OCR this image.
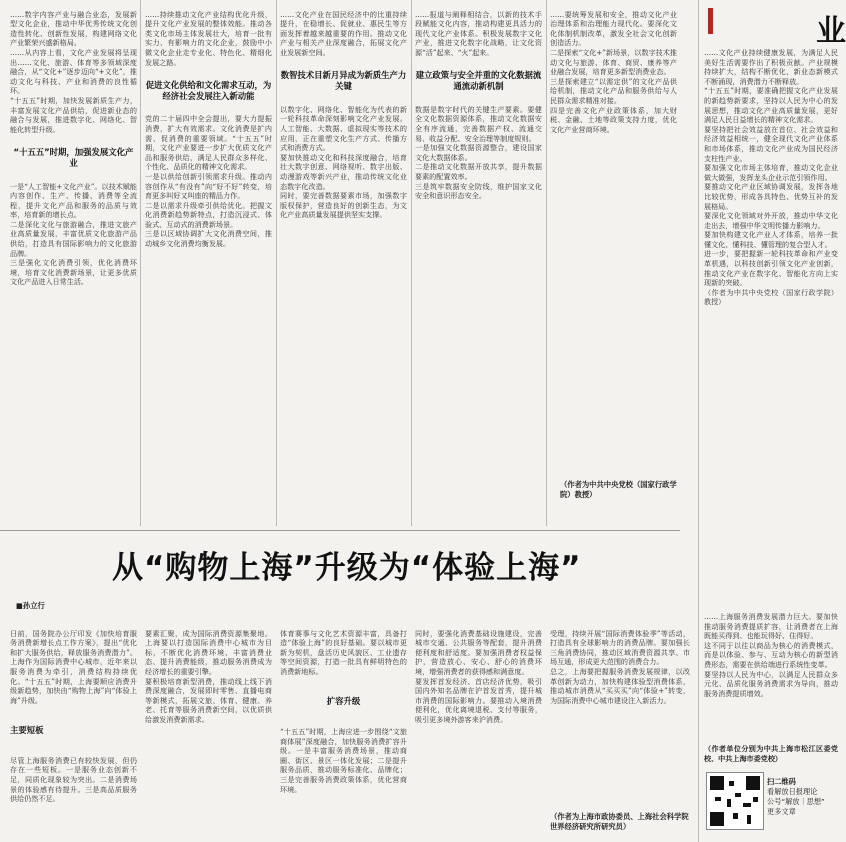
……数字内容产业与融合业态，发展新型文化企业，推动中华优秀传统文化创造性转化、创新性发展，构建网络文化产业繁荣兴盛新格局。
……从内容上看，文化产业发展将呈现出……文化、旅游、体育等多领域深度融合，从“文化+”逐步迈向“+文化”，推动文化与科技、产业和消费的良性循环。
“十五五”时期，加快发展新质生产力，丰富发展文化产品供给，促进新业态的融合与发展，推进数字化、网络化、智能化转型升级。

“十五五”时期，加强发展文化产业

一是“人工智能+文化产业”。以技术赋能内容创作、生产、传播、消费等全流程，提升文化产品和服务的品质与效率，培育新的增长点。
二是深化文化与旅游融合，推进文旅产业高质量发展，丰富优质文化旅游产品供给，打造具有国际影响力的文化旅游品牌。
三是强化文化消费引领，优化消费环境，培育文化消费新场景，让更多优质文化产品进入日常生活。

……持续推动文化产业结构优化升级，提升文化产业发展的整体效能。推动各类文化市场主体发展壮大，培育一批有实力、有影响力的文化企业，鼓励中小微文化企业走专业化、特色化、精细化发展之路。

促进文化供给和文化需求互动，为经济社会发展注入新动能

党的二十届四中全会提出，要大力提振消费，扩大有效需求。文化消费是扩内需、促消费的重要领域。“十五五”时期，文化产业要进一步扩大优质文化产品和服务供给，满足人民群众多样化、个性化、品质化的精神文化需求。
一是以供给创新引领需求升级。推动内容创作从“有没有”向“好不好”转变，培育更多叫好又叫座的精品力作。
二是以需求升级牵引供给优化。把握文化消费新趋势新特点，打造沉浸式、体验式、互动式的消费新场景。
三是以区域协调扩大文化消费空间，推动城乡文化消费均衡发展。

……文化产业在国民经济中的比重持续提升，在稳增长、促就业、惠民生等方面发挥着越来越重要的作用。推动文化产业与相关产业深度融合，拓展文化产业发展新空间。

数智技术目新月异成为新质生产力关键

以数字化、网络化、智能化为代表的新一轮科技革命深刻影响文化产业发展。人工智能、大数据、虚拟现实等技术的应用，正在重塑文化生产方式、传播方式和消费方式。
要加快推动文化和科技深度融合，培育壮大数字创意、网络视听、数字出版、动漫游戏等新兴产业，推动传统文化业态数字化改造。
同时，要完善数据要素市场，加强数字版权保护，营造良好的创新生态，为文化产业高质量发展提供坚实支撑。

……报道与阐释相结合，以新的技术手段赋能文化内容，推动构建更具活力的现代文化产业体系。积极发展数字文化产业，推进文化数字化战略，让文化资源“活”起来、“火”起来。

建立政策与安全并重的文化数据流通流动新机制

数据是数字时代的关键生产要素。要健全文化数据资源体系，推动文化数据安全有序流通，完善数据产权、流通交易、收益分配、安全治理等制度规则。
一是加强文化数据资源整合，建设国家文化大数据体系。
二是推动文化数据开放共享，提升数据要素的配置效率。
三是筑牢数据安全防线，维护国家文化安全和意识形态安全。

……要统筹发展和安全，推动文化产业治理体系和治理能力现代化。要深化文化体制机制改革，激发全社会文化创新创造活力。
二是探索“文化+”新场景，以数字技术推动文化与旅游、体育、商贸、康养等产业融合发展，培育更多新型消费业态。
三是探索建立“以需定供”的文化产品供给机制，推动文化产品和服务供给与人民群众需求精准对接。
四是完善文化产业政策体系，加大财税、金融、土地等政策支持力度，优化文化产业营商环境。

（作者为中共中央党校（国家行政学院）教授）
业
……文化产业持续健康发展，为满足人民美好生活需要作出了积极贡献。产业规模持续扩大，结构不断优化，新业态新模式不断涌现，消费潜力不断释放。
“十五五”时期，要准确把握文化产业发展的新趋势新要求，坚持以人民为中心的发展思想，推动文化产业高质量发展，更好满足人民日益增长的精神文化需求。
要坚持把社会效益放在首位、社会效益和经济效益相统一，健全现代文化产业体系和市场体系，推动文化产业成为国民经济支柱性产业。
要加强文化市场主体培育，推动文化企业做大做强，发挥龙头企业示范引领作用。
要推动文化产业区域协调发展，发挥各地比较优势，形成各具特色、优势互补的发展格局。
要深化文化领域对外开放，推动中华文化走出去，增强中华文明传播力影响力。
要加快构建文化产业人才体系，培养一批懂文化、懂科技、懂管理的复合型人才。
进一步，要把握新一轮科技革命和产业变革机遇，以科技创新引领文化产业创新，推动文化产业在数字化、智能化方向上实现新的突破。
（作者为中共中央党校（国家行政学院）教授）
……上海服务消费发展潜力巨大。要加快推动服务消费提质扩容，让消费者在上海既能买得到、也能玩得好、住得好。
这不同于以往以商品为核心的消费模式，而是以体验、参与、互动为核心的新型消费形态，需要在供给端进行系统性变革。
要坚持以人民为中心，以满足人民群众多元化、品质化服务消费需求为导向，推动服务消费提质增效。
（作者单位分别为中共上海市松江区委党校、中共上海市委党校）
从“购物上海”升级为“体验上海”
■孙立行

日前，国务院办公厅印发《加快培育服务消费新增长点工作方案》，提出“优化和扩大服务供给，释放服务消费潜力”。上海作为国际消费中心城市，近年来以服务消费为牵引，消费结构持续优化。“十五五”时期，上海要顺应消费升级新趋势，加快由“购物上海”向“体验上海”升级。

主要短板

尽管上海服务消费已有较快发展，但仍存在一些短板。一是服务业态创新不足，同质化现象较为突出。二是消费场景的体验感有待提升。三是高品质服务供给仍然不足。

要素汇聚，成为国际消费资源集聚地。上海要以打造国际消费中心城市为目标，不断优化消费环境、丰富消费业态、提升消费能级，推动服务消费成为经济增长的重要引擎。
要积极培育新型消费，推动线上线下消费深度融合，发展即时零售、直播电商等新模式，拓展文旅、体育、健康、养老、托育等服务消费新空间，以优质供给激发消费新需求。

体育赛事与文化艺术资源丰富，具备打造“体验上海”的良好基础。要以城市更新为契机，盘活历史风貌区、工业遗存等空间资源，打造一批具有鲜明特色的消费新地标。

扩容升级

“十五五”时期，上海应进一步围绕“文旅商体展”深度融合，加快服务消费扩容升级。一是丰富服务消费场景，推动商圈、街区、景区一体化发展；二是提升服务品质，推动服务标准化、品牌化；三是完善服务消费政策体系，优化营商环境。

同时，要强化消费基础设施建设，完善城市交通、公共服务等配套，提升消费便利度和舒适度。要加强消费者权益保护，营造放心、安心、舒心的消费环境，增强消费者的获得感和满意度。
要发挥首发经济、首店经济优势，吸引国内外知名品牌在沪首发首秀，提升城市消费的国际影响力。要推动入境消费便利化，优化离境退税、支付等服务，吸引更多境外游客来沪消费。

受理，持续开展“国际消费体验季”等活动，打造具有全球影响力的消费品牌。要加强长三角消费协同，推动区域消费资源共享、市场互通，形成更大范围的消费合力。
总之，上海要把握服务消费发展规律，以改革创新为动力，加快构建体验型消费体系，推动城市消费从“买买买”向“体验+”转变，为国际消费中心城市建设注入新活力。

（作者为上海市政协委员、上海社会科学院世界经济研究所研究员）
扫二维码
看解放日报理论
公号“解放｜思想”
更多文章
